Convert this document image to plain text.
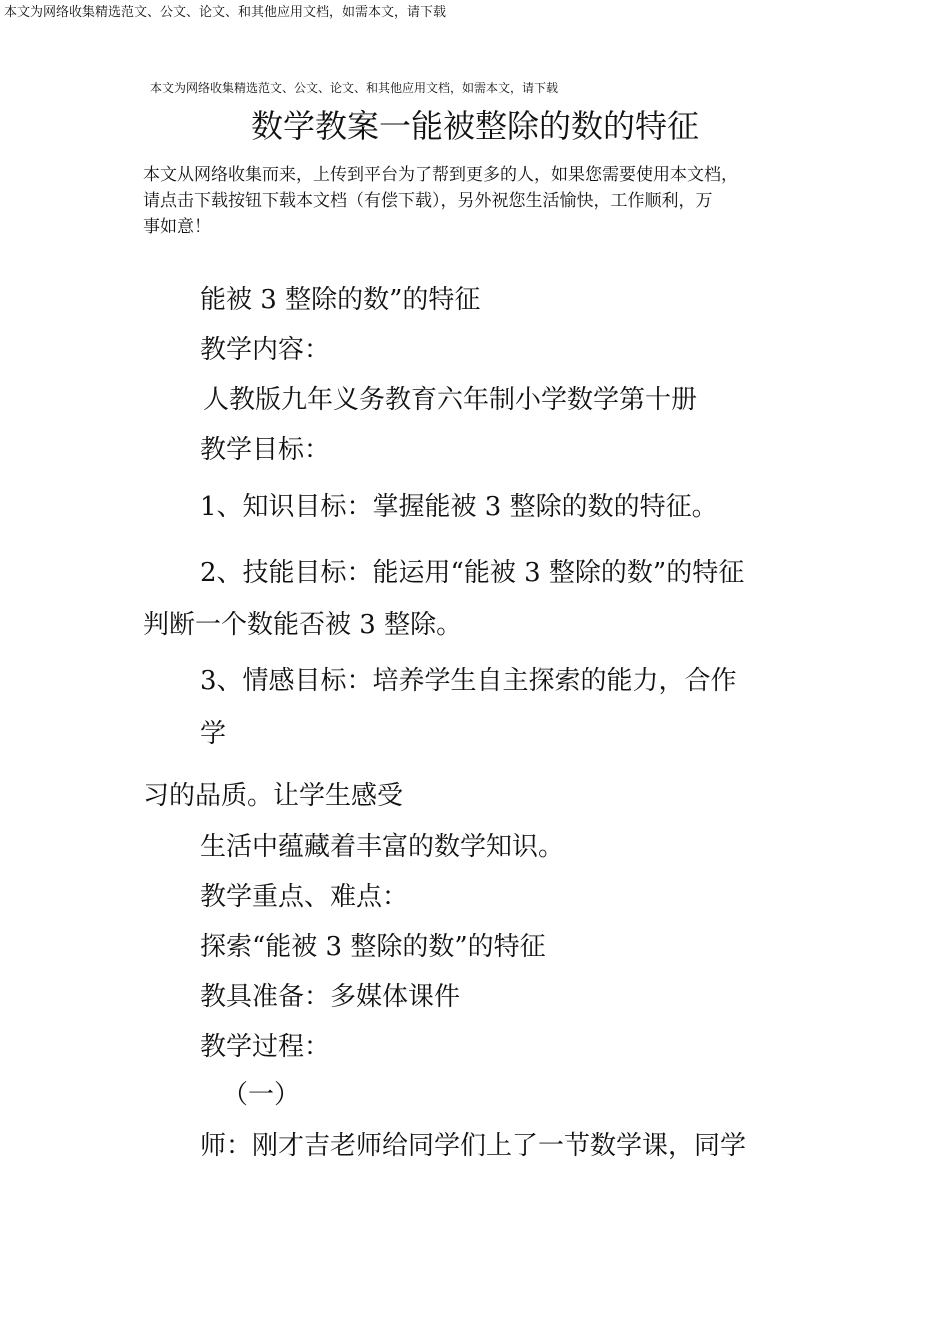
本文为网络收集精选范文、公文、论文、和其他应用文档，如需本文，请下载
本文为网络收集精选范文、公文、论文、和其他应用文档，如需本文，请下载
数学教案一能被整除的数的特征
本文从网络收集而来，上传到平台为了帮到更多的人，如果您需要使用本文档，
请点击下载按钮下载本文档（有偿下载），另外祝您生活愉快，工作顺利，万
事如意！
能被 3 整除的数”的特征
教学内容：
人教版九年义务教育六年制小学数学第十册
教学目标：
1、知识目标：掌握能被 3 整除的数的特征。
2、技能目标：能运用“能被 3 整除的数”的特征
判断一个数能否被 3 整除。
3、情感目标：培养学生自主探索的能力，合作
学
习的品质。让学生感受
生活中蕴藏着丰富的数学知识。
教学重点、难点：
探索“能被 3 整除的数”的特征
教具准备：多媒体课件
教学过程：
（一）
师：刚才吉老师给同学们上了一节数学课，同学
